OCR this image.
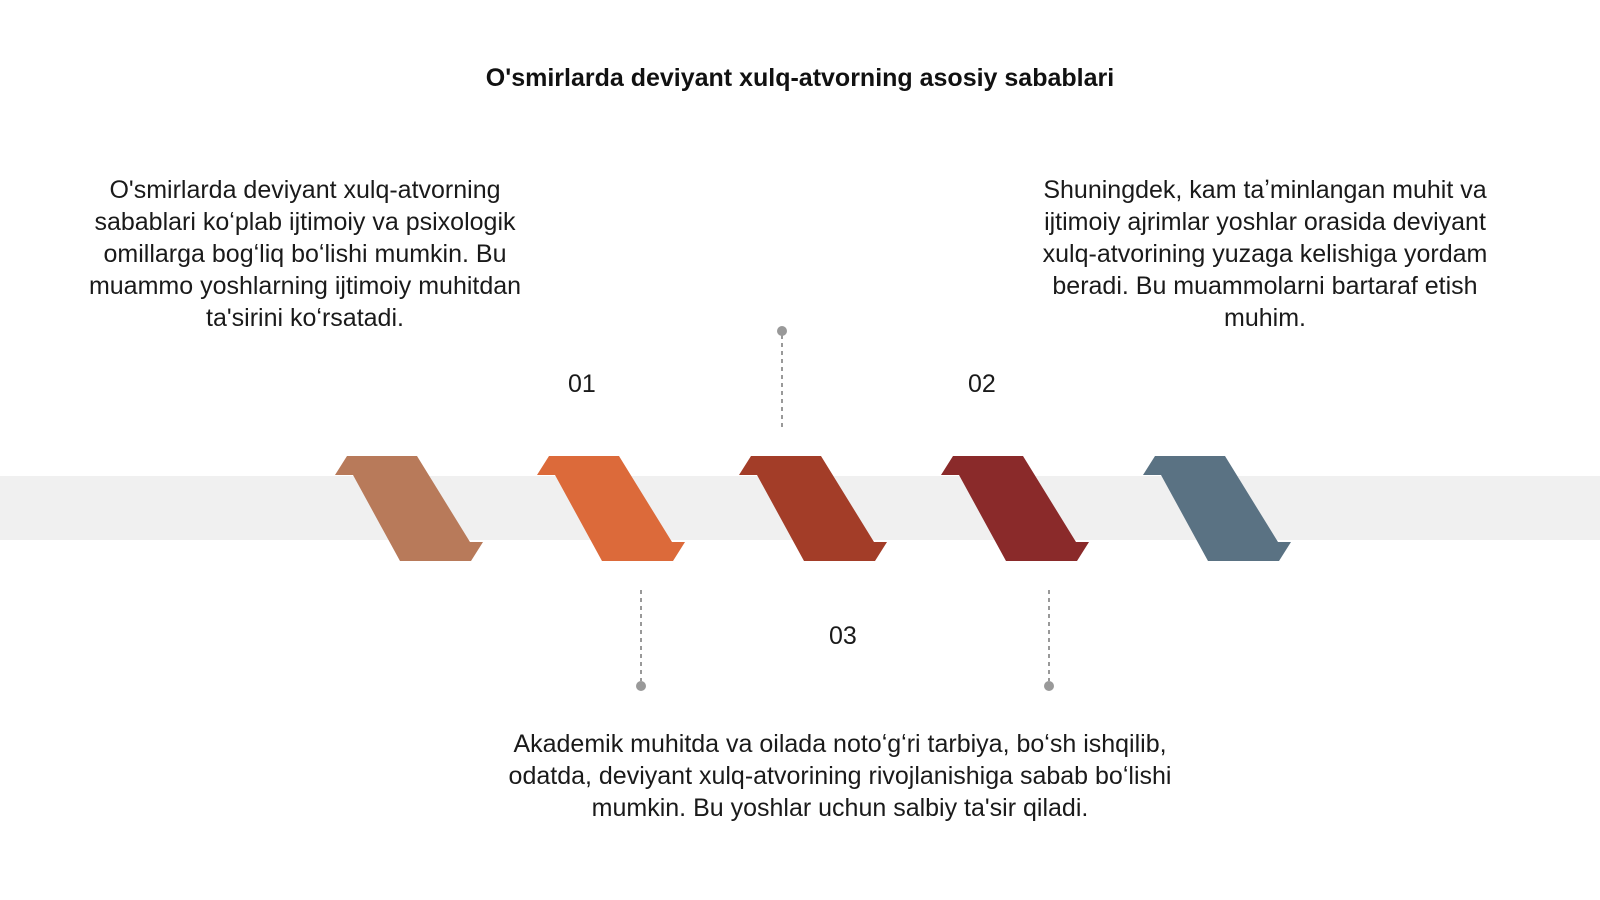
O'smirlarda deviyant xulq-atvorning asosiy sabablari
O'smirlarda deviyant xulq-atvorning sabablari koʻplab ijtimoiy va psixologik omillarga bogʻliq boʻlishi mumkin. Bu muammo yoshlarning ijtimoiy muhitdan ta'sirini koʻrsatadi.
Shuningdek, kam taʼminlangan muhit va ijtimoiy ajrimlar yoshlar orasida deviyant xulq-atvorining yuzaga kelishiga yordam beradi. Bu muammolarni bartaraf etish muhim.
Akademik muhitda va oilada notoʻgʻri tarbiya, boʻsh ishqilib, odatda, deviyant xulq-atvorining rivojlanishiga sabab boʻlishi mumkin. Bu yoshlar uchun salbiy ta'sir qiladi.
01	02
03
